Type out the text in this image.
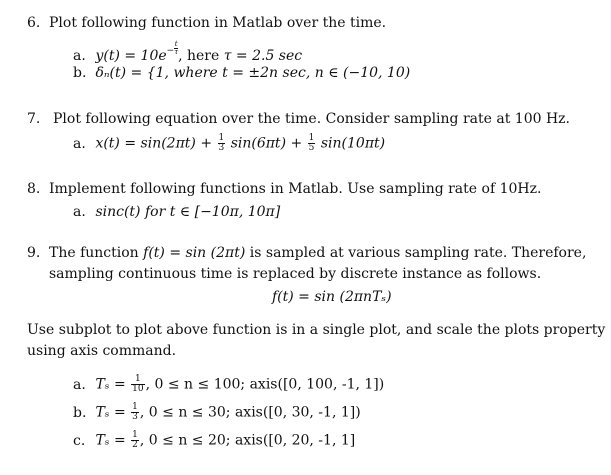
6. Plot following function in Matlab over the time.
a. $y(t) = 10e^- \frac{t}{\tau}$ , here τ = 2.5 sec
b. δₙ(t) = {1, where t = ±2n sec, n ∈ (−10, 10)
7. Plot following equation over the time. Consider sampling rate at 100 Hz.
a. $x(t) = \sin(2\pi t) + \frac{1}{3} \sin(6\pi t) + \frac{1}{5} \sin(10\pi t)$
8. Implement following functions in Matlab. Use sampling rate of 10Hz.
a. sinc(t) for t ∈ [−10π, 10π]
9. The function f(t) = sin (2πt) is sampled at various sampling rate. Therefore,
sampling continuous time is replaced by discrete instance as follows.
f(t) = sin (2πnTₛ)
Use subplot to plot above function is in a single plot, and scale the plots property
using axis command.
a. $T_s = \frac{1}{10}$ , 0 ≤ n ≤ 100; axis([0, 100, -1, 1])
b. $T_s = \frac{1}{3}$ , 0 ≤ n ≤ 30; axis([0, 30, -1, 1])
c. $T_s = \frac{1}{2}$ , 0 ≤ n ≤ 20; axis([0, 20, -1, 1]
